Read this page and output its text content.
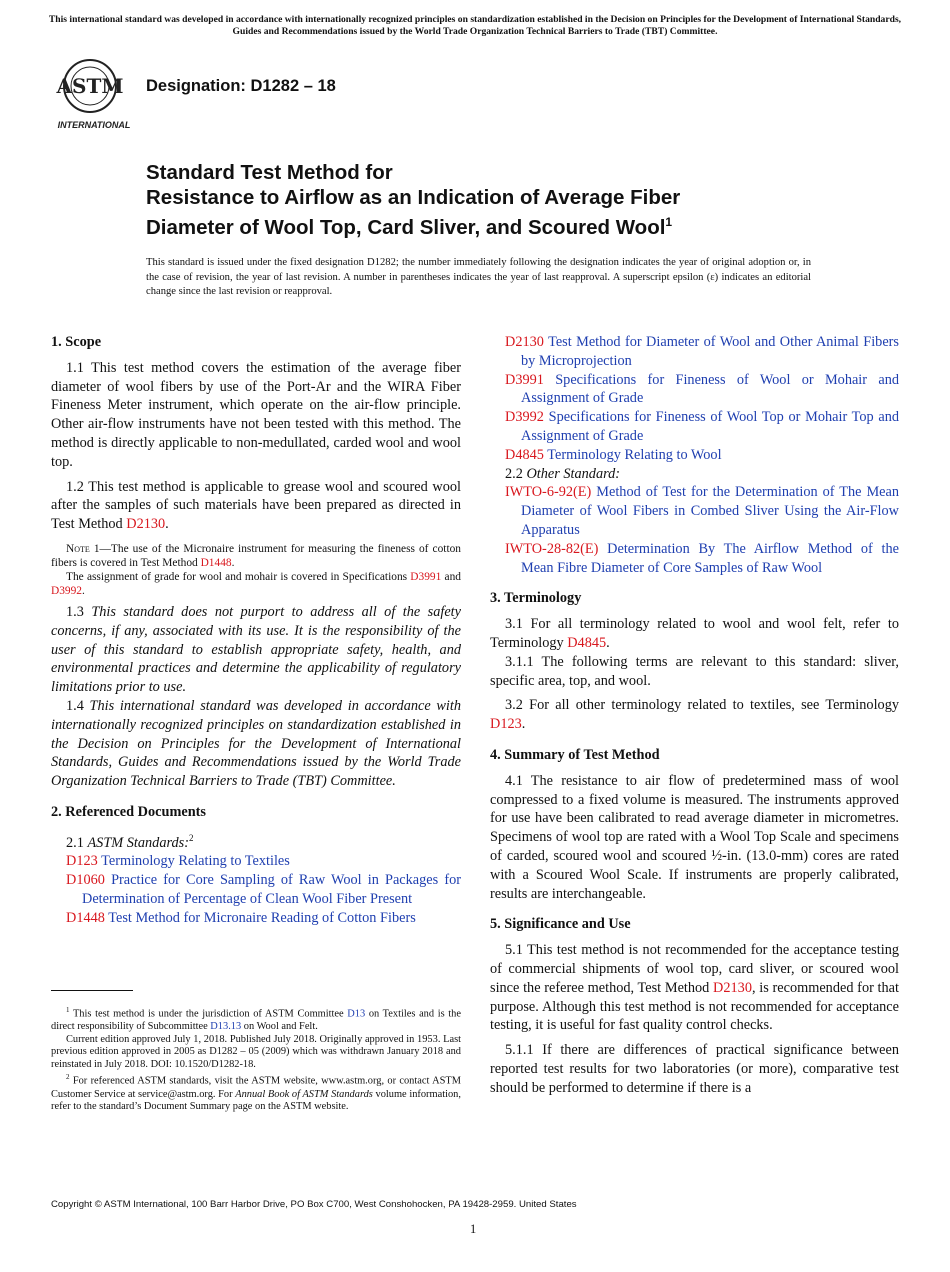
This international standard was developed in accordance with internationally recognized principles on standardization established in the Decision on Principles for the Development of International Standards, Guides and Recommendations issued by the World Trade Organization Technical Barriers to Trade (TBT) Committee.
ASTM
INTERNATIONAL
Designation: D1282 – 18
Standard Test Method for
Resistance to Airflow as an Indication of Average Fiber
Diameter of Wool Top, Card Sliver, and Scoured Wool$^1$
This standard is issued under the fixed designation D1282; the number immediately following the designation indicates the year of original adoption or, in the case of revision, the year of last revision. A number in parentheses indicates the year of last reapproval. A superscript epsilon (ε) indicates an editorial change since the last revision or reapproval.

1. Scope

1.1 This test method covers the estimation of the average fiber diameter of wool fibers by use of the Port-Ar and the WIRA Fiber Fineness Meter instrument, which operate on the air-flow principle. Other air-flow instruments have not been tested with this method. The method is directly applicable to non-medullated, carded wool and wool top.

1.2 This test method is applicable to grease wool and scoured wool after the samples of such materials have been prepared as directed in Test Method D2130.

Note 1—The use of the Micronaire instrument for measuring the fineness of cotton fibers is covered in Test Method D1448.

The assignment of grade for wool and mohair is covered in Specifications D3991 and D3992.

1.3 This standard does not purport to address all of the safety concerns, if any, associated with its use. It is the responsibility of the user of this standard to establish appropriate safety, health, and environmental practices and determine the applicability of regulatory limitations prior to use.

1.4 This international standard was developed in accordance with internationally recognized principles on standardization established in the Decision on Principles for the Development of International Standards, Guides and Recommendations issued by the World Trade Organization Technical Barriers to Trade (TBT) Committee.

2. Referenced Documents

2.1 ASTM Standards:$^2$

D123 Terminology Relating to Textiles

D1060 Practice for Core Sampling of Raw Wool in Packages for Determination of Percentage of Clean Wool Fiber Present

D1448 Test Method for Micronaire Reading of Cotton Fibers

$^1$ This test method is under the jurisdiction of ASTM Committee D13 on Textiles and is the direct responsibility of Subcommittee D13.13 on Wool and Felt.

Current edition approved July 1, 2018. Published July 2018. Originally approved in 1953. Last previous edition approved in 2005 as D1282 – 05 (2009) which was withdrawn January 2018 and reinstated in July 2018. DOI: 10.1520/D1282-18.

$^2$ For referenced ASTM standards, visit the ASTM website, www.astm.org, or contact ASTM Customer Service at service@astm.org. For Annual Book of ASTM Standards volume information, refer to the standard’s Document Summary page on the ASTM website.

D2130 Test Method for Diameter of Wool and Other Animal Fibers by Microprojection

D3991 Specifications for Fineness of Wool or Mohair and Assignment of Grade

D3992 Specifications for Fineness of Wool Top or Mohair Top and Assignment of Grade

D4845 Terminology Relating to Wool

2.2 Other Standard:

IWTO-6-92(E) Method of Test for the Determination of The Mean Diameter of Wool Fibers in Combed Sliver Using the Air-Flow Apparatus

IWTO-28-82(E) Determination By The Airflow Method of the Mean Fibre Diameter of Core Samples of Raw Wool

3. Terminology

3.1 For all terminology related to wool and wool felt, refer to Terminology D4845.

3.1.1 The following terms are relevant to this standard: sliver, specific area, top, and wool.

3.2 For all other terminology related to textiles, see Terminology D123.

4. Summary of Test Method

4.1 The resistance to air flow of predetermined mass of wool compressed to a fixed volume is measured. The instruments approved for use have been calibrated to read average diameter in micrometres. Specimens of wool top are rated with a Wool Top Scale and specimens of carded, scoured wool and scoured ½-in. (13.0-mm) cores are rated with a Scoured Wool Scale. If instruments are properly calibrated, results are interchangeable.

5. Significance and Use

5.1 This test method is not recommended for the acceptance testing of commercial shipments of wool top, card sliver, or scoured wool since the referee method, Test Method D2130, is recommended for that purpose. Although this test method is not recommended for acceptance testing, it is useful for fast quality control checks.

5.1.1 If there are differences of practical significance between reported test results for two laboratories (or more), comparative test should be performed to determine if there is a

Copyright © ASTM International, 100 Barr Harbor Drive, PO Box C700, West Conshohocken, PA 19428-2959. United States
1
